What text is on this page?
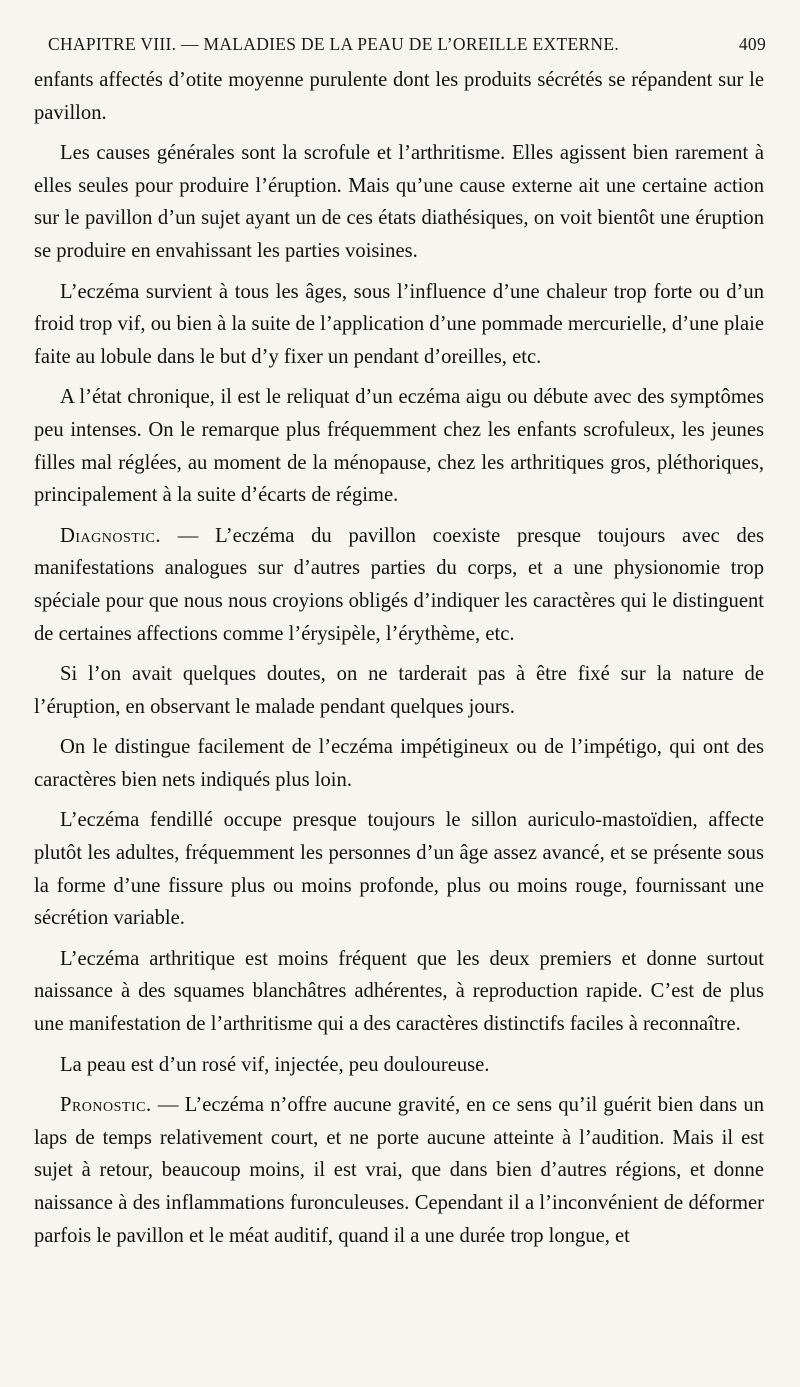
CHAPITRE VIII. — MALADIES DE LA PEAU DE L’OREILLE EXTERNE.	409

enfants affectés d’otite moyenne purulente dont les produits sécrétés se répandent sur le pavillon.

Les causes générales sont la scrofule et l’arthritisme. Elles agissent bien rarement à elles seules pour produire l’éruption. Mais qu’une cause externe ait une certaine action sur le pavillon d’un sujet ayant un de ces états diathésiques, on voit bientôt une éruption se produire en envahissant les parties voisines.

L’eczéma survient à tous les âges, sous l’influence d’une chaleur trop forte ou d’un froid trop vif, ou bien à la suite de l’application d’une pommade mercurielle, d’une plaie faite au lobule dans le but d’y fixer un pendant d’oreilles, etc.

A l’état chronique, il est le reliquat d’un eczéma aigu ou débute avec des symptômes peu intenses. On le remarque plus fréquemment chez les enfants scrofuleux, les jeunes filles mal réglées, au moment de la ménopause, chez les arthritiques gros, pléthoriques, principalement à la suite d’écarts de régime.

Diagnostic. — L’eczéma du pavillon coexiste presque toujours avec des manifestations analogues sur d’autres parties du corps, et a une physionomie trop spéciale pour que nous nous croyions obligés d’indiquer les caractères qui le distinguent de certaines affections comme l’érysipèle, l’érythème, etc.

Si l’on avait quelques doutes, on ne tarderait pas à être fixé sur la nature de l’éruption, en observant le malade pendant quelques jours.

On le distingue facilement de l’eczéma impétigineux ou de l’impétigo, qui ont des caractères bien nets indiqués plus loin.

L’eczéma fendillé occupe presque toujours le sillon auriculo-mastoïdien, affecte plutôt les adultes, fréquemment les personnes d’un âge assez avancé, et se présente sous la forme d’une fissure plus ou moins profonde, plus ou moins rouge, fournissant une sécrétion variable.

L’eczéma arthritique est moins fréquent que les deux premiers et donne surtout naissance à des squames blanchâtres adhérentes, à reproduction rapide. C’est de plus une manifestation de l’arthritisme qui a des caractères distinctifs faciles à reconnaître.

La peau est d’un rosé vif, injectée, peu douloureuse.

Pronostic. — L’eczéma n’offre aucune gravité, en ce sens qu’il guérit bien dans un laps de temps relativement court, et ne porte aucune atteinte à l’audition. Mais il est sujet à retour, beaucoup moins, il est vrai, que dans bien d’autres régions, et donne naissance à des inflammations furonculeuses. Cependant il a l’inconvénient de déformer parfois le pavillon et le méat auditif, quand il a une durée trop longue, et
